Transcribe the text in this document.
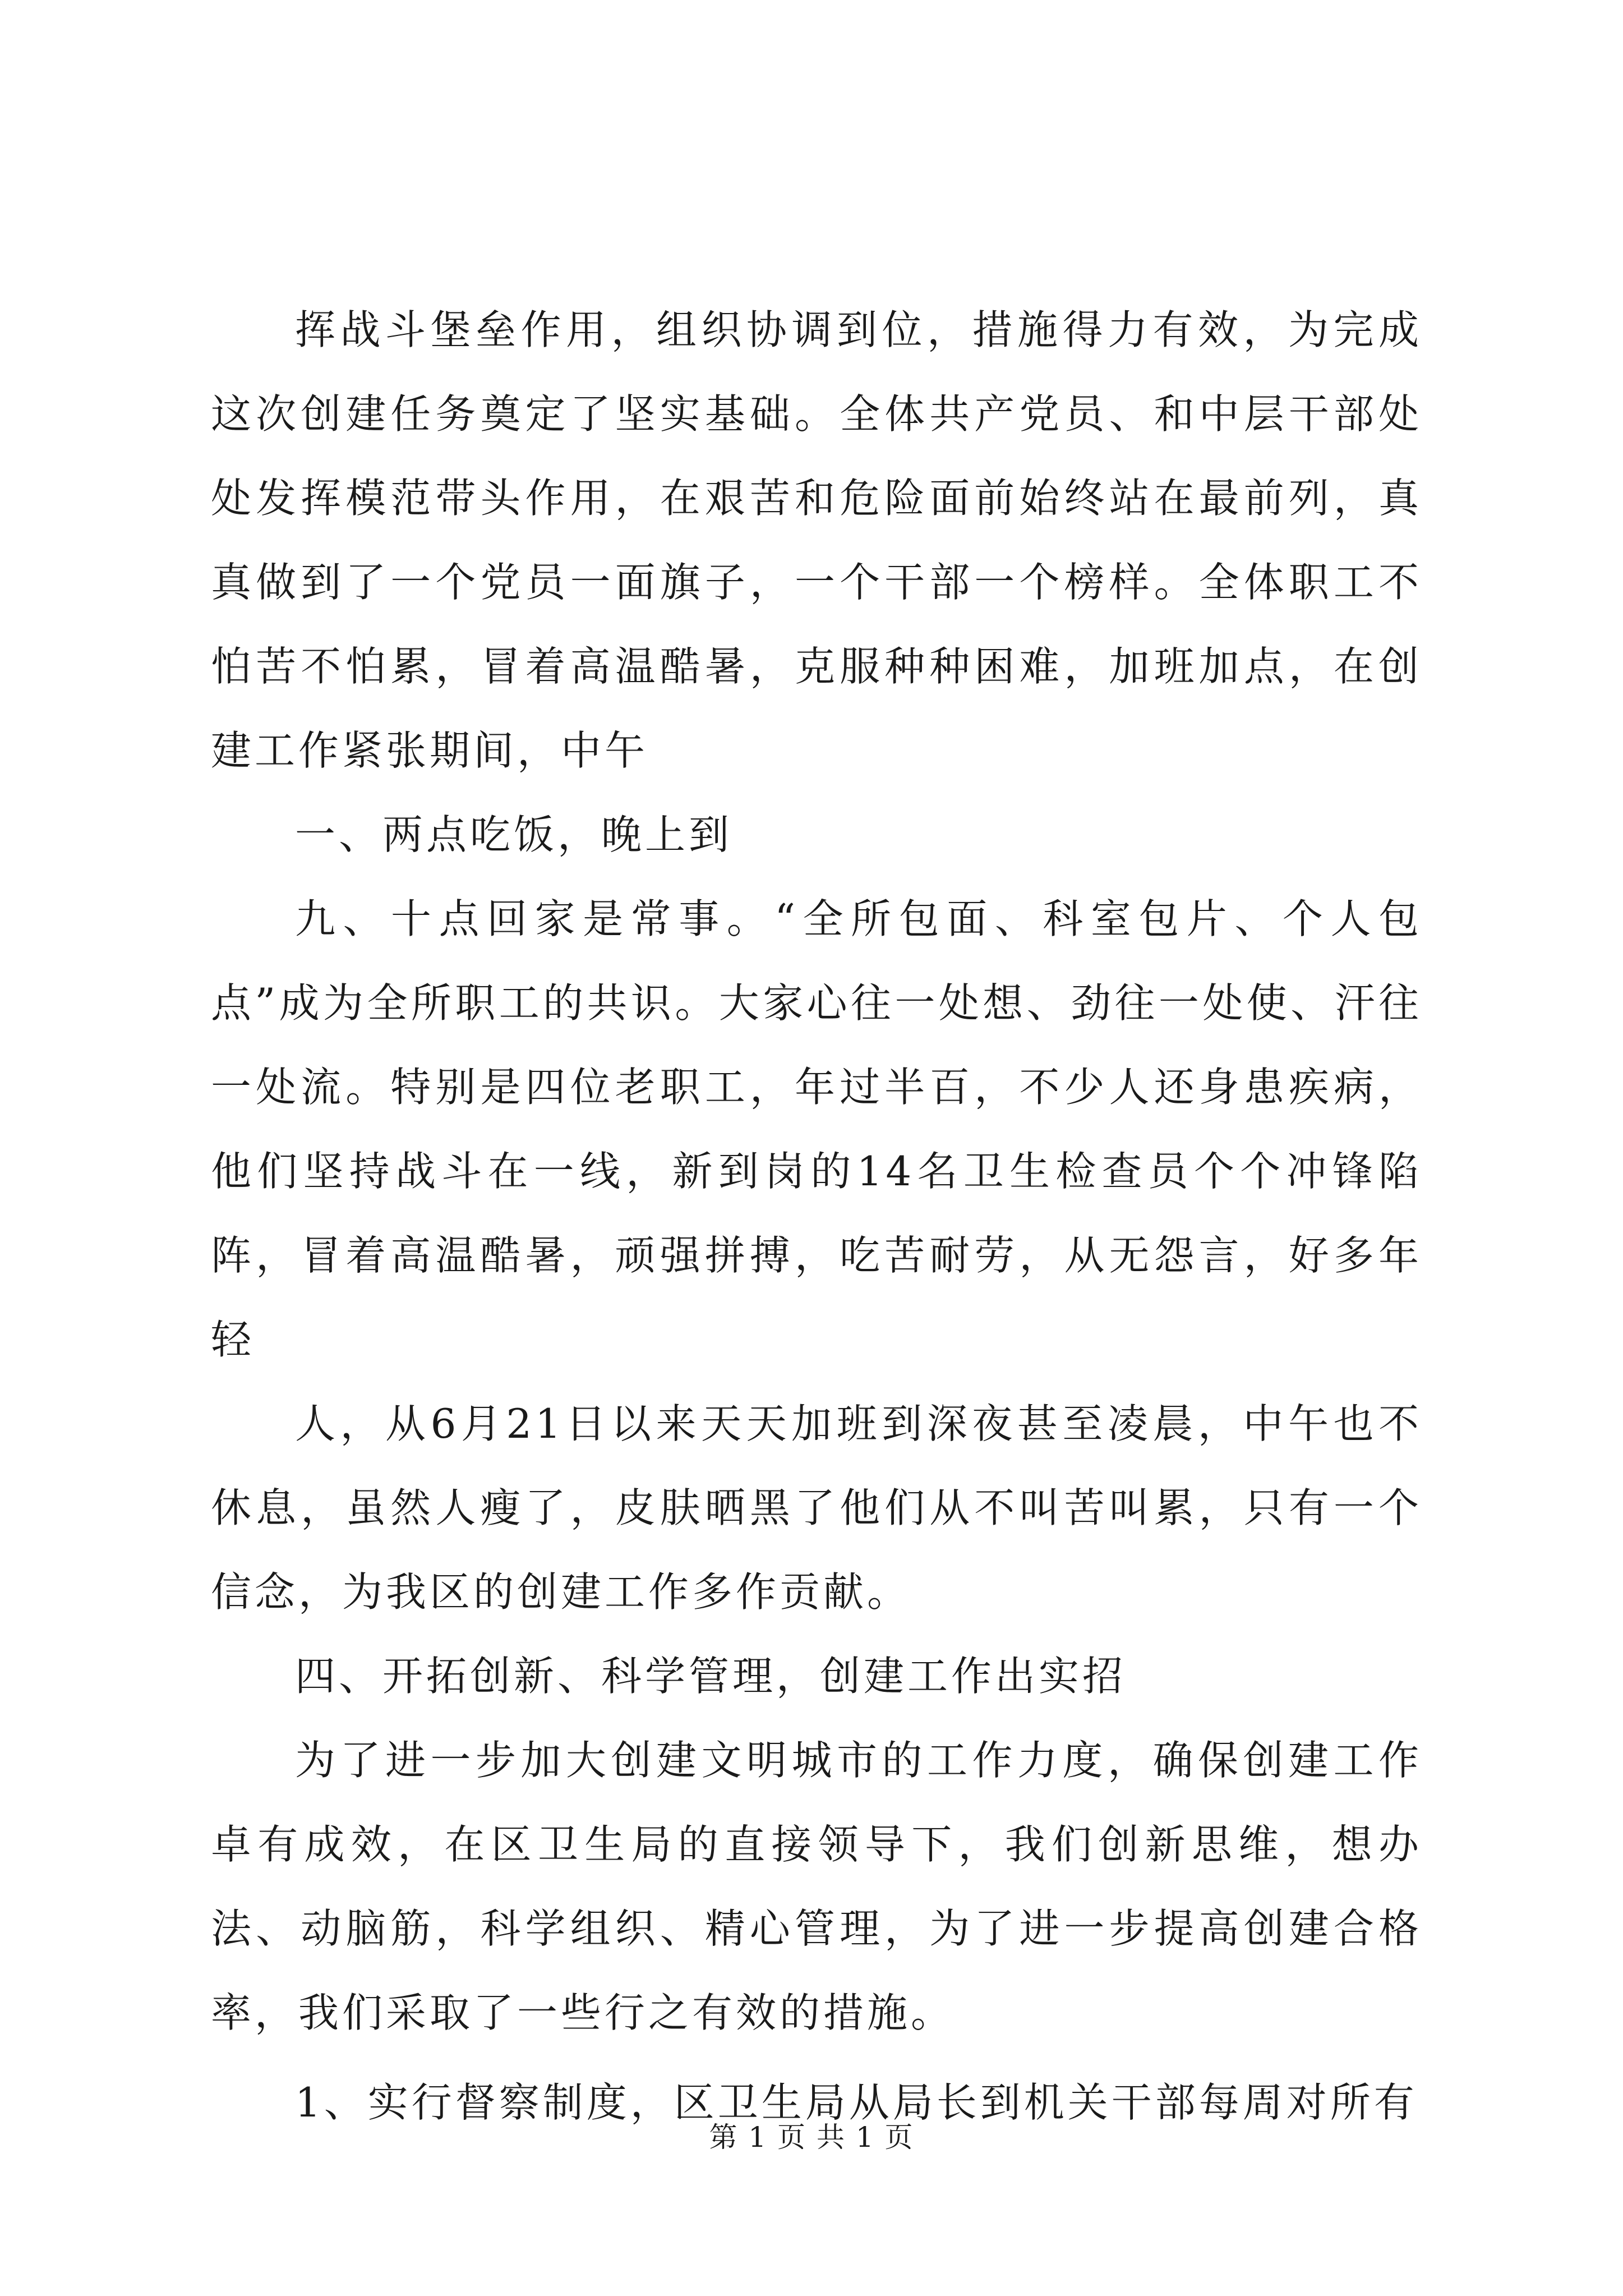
挥战斗堡垒作用，组织协调到位，措施得力有效，为完成这次创建任务奠定了坚实基础。全体共产党员、和中层干部处处发挥模范带头作用，在艰苦和危险面前始终站在最前列，真真做到了一个党员一面旗子，一个干部一个榜样。全体职工不怕苦不怕累，冒着高温酷暑，克服种种困难，加班加点，在创建工作紧张期间，中午

一、两点吃饭，晚上到

九、十点回家是常事。“全所包面、科室包片、个人包点”成为全所职工的共识。大家心往一处想、劲往一处使、汗往一处流。特别是四位老职工，年过半百，不少人还身患疾病，他们坚持战斗在一线，新到岗的14名卫生检查员个个冲锋陷阵，冒着高温酷暑，顽强拼搏，吃苦耐劳，从无怨言，好多年轻

人，从6月21日以来天天加班到深夜甚至凌晨，中午也不休息，虽然人瘦了，皮肤晒黑了他们从不叫苦叫累，只有一个信念，为我区的创建工作多作贡献。

四、开拓创新、科学管理，创建工作出实招

为了进一步加大创建文明城市的工作力度，确保创建工作卓有成效，在区卫生局的直接领导下，我们创新思维，想办法、动脑筋，科学组织、精心管理，为了进一步提高创建合格率，我们采取了一些行之有效的措施。

1、实行督察制度，区卫生局从局长到机关干部每周对所有

第 1 页 共 1 页
